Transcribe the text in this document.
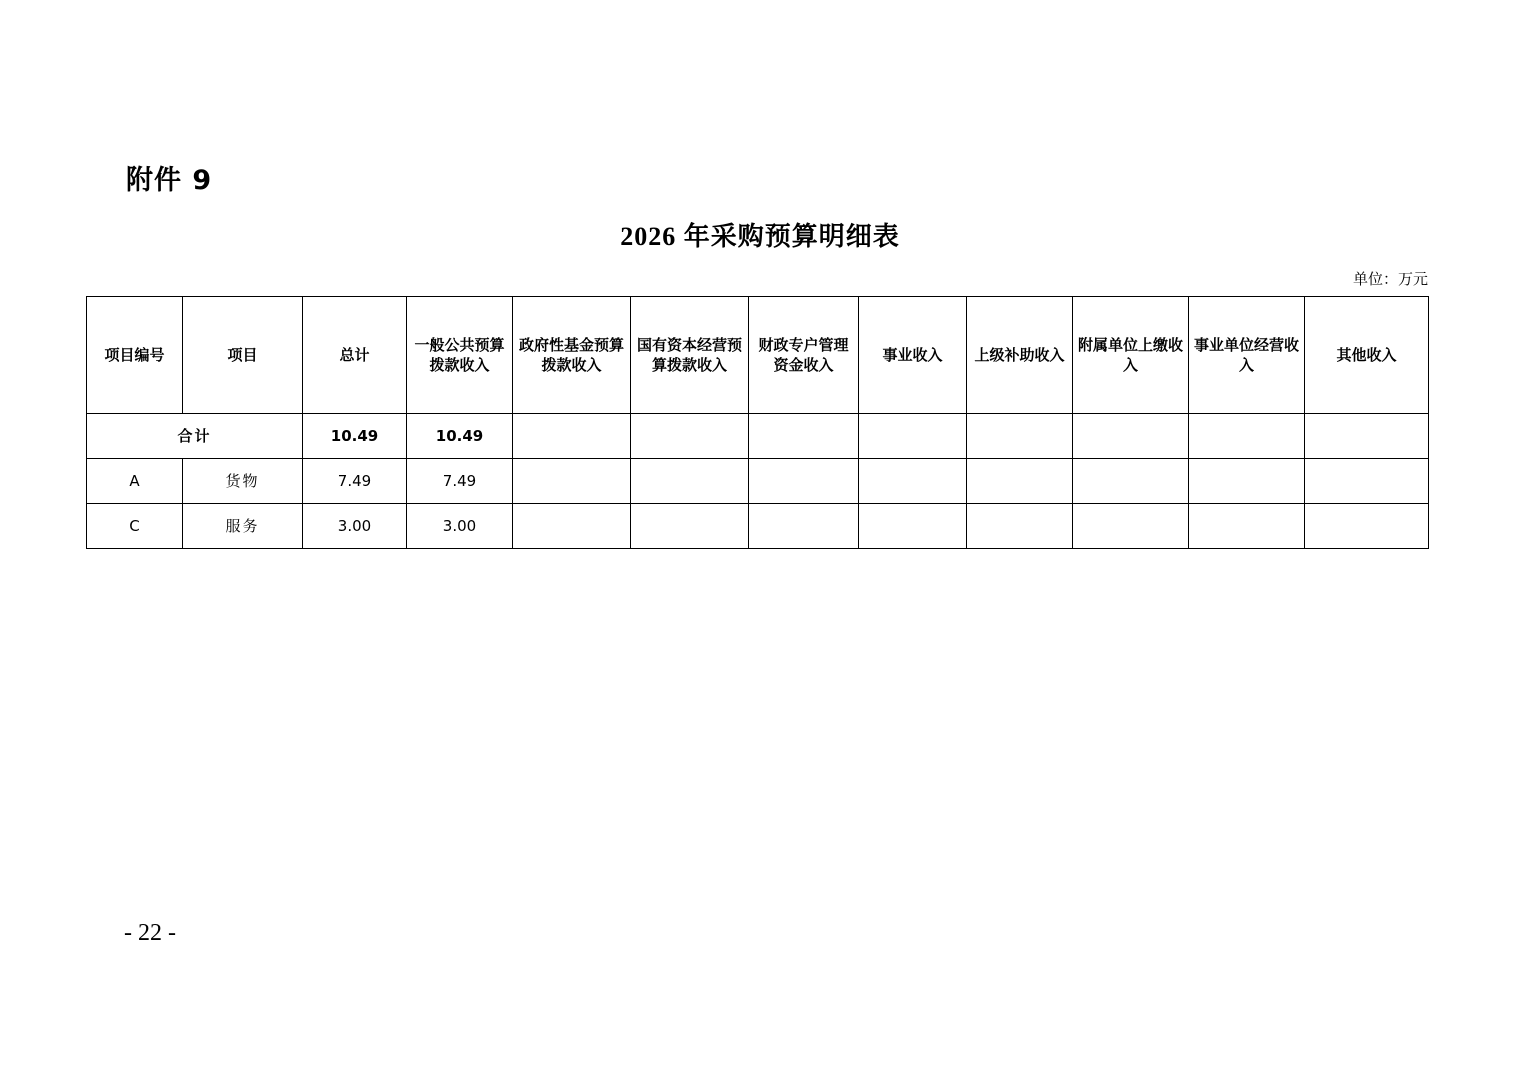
附件 9
2026 年采购预算明细表
单位：万元
项目编号	项目	总计	一般公共预算拨款收入	政府性基金预算拨款收入	国有资本经营预算拨款收入	财政专户管理资金收入	事业收入	上级补助收入	附属单位上缴收入	事业单位经营收入	其他收入
合计		10.49	10.49								
A	货物	7.49	7.49								
C	服务	3.00	3.00								
- 22 -
